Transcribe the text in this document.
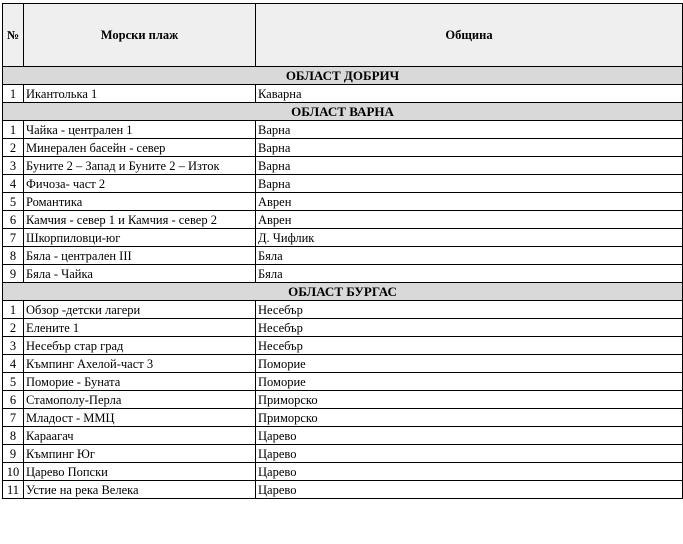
№	Морски плаж	Община
ОБЛАСТ ДОБРИЧ		
1	Икантолька 1	Каварна
ОБЛАСТ ВАРНА		
1	Чайка - централен 1	Варна
2	Минерален басейн - север	Варна
3	Буните 2 – Запад и Буните 2 – Изток	Варна
4	Фичоза- част 2	Варна
5	Романтика	Аврен
6	Камчия - север 1 и Камчия - север 2	Аврен
7	Шкорпиловци-юг	Д. Чифлик
8	Бяла - централен III	Бяла
9	Бяла - Чайка	Бяла
ОБЛАСТ БУРГАС		
1	Обзор -детски лагери	Несебър
2	Елените 1	Несебър
3	Несебър стар град	Несебър
4	Къмпинг Ахелой-част 3	Поморие
5	Поморие - Буната	Поморие
6	Стамополу-Перла	Приморско
7	Младост - ММЦ	Приморско
8	Караагач	Царево
9	Къмпинг Юг	Царево
10	Царево Попски	Царево
11	Устие на река Велека	Царево
